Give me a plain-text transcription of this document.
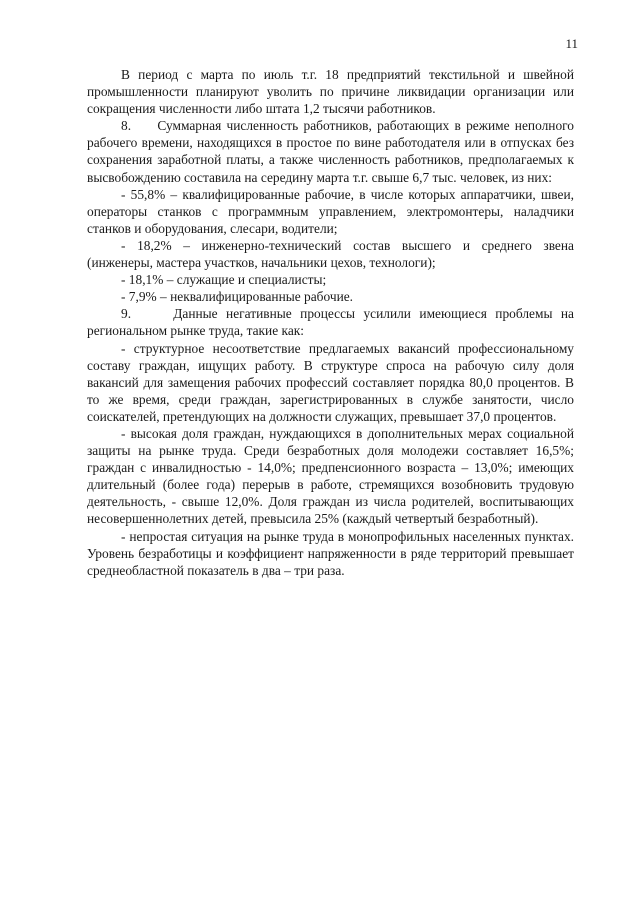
11

В период с марта по июль т.г. 18 предприятий текстильной и швейной промышленности планируют уволить по причине ликвидации организации или сокращения численности либо штата 1,2 тысячи работников.

8.     Суммарная численность работников, работающих в режиме неполного рабочего времени, находящихся в простое по вине работодателя или в отпусках без сохранения заработной платы, а также численность работников, предполагаемых к высвобождению составила на середину марта т.г. свыше 6,7 тыс. человек, из них:

- 55,8% – квалифицированные рабочие, в числе которых аппаратчики, швеи, операторы станков с программным управлением, электромонтеры, наладчики станков и оборудования, слесари, водители;

- 18,2% – инженерно-технический состав высшего и среднего звена (инженеры, мастера участков, начальники цехов, технологи);

- 18,1% – служащие и специалисты;

- 7,9% – неквалифицированные рабочие.

9.     Данные негативные процессы усилили имеющиеся проблемы на региональном рынке труда, такие как:

- структурное несоответствие предлагаемых вакансий профессиональному составу граждан, ищущих работу. В структуре спроса на рабочую силу доля вакансий для замещения рабочих профессий составляет порядка 80,0 процентов. В то же время, среди граждан, зарегистрированных в службе занятости, число соискателей, претендующих на должности служащих, превышает 37,0 процентов.

- высокая доля граждан, нуждающихся в дополнительных мерах социальной защиты на рынке труда. Среди безработных доля молодежи составляет 16,5%; граждан с инвалидностью - 14,0%; предпенсионного возраста – 13,0%; имеющих длительный (более года) перерыв в работе, стремящихся возобновить трудовую деятельность, - свыше 12,0%. Доля граждан из числа родителей, воспитывающих несовершеннолетних детей, превысила 25% (каждый четвертый безработный).

- непростая ситуация на рынке труда в монопрофильных населенных пунктах. Уровень безработицы и коэффициент напряженности в ряде территорий превышает среднеобластной показатель в два – три раза.
